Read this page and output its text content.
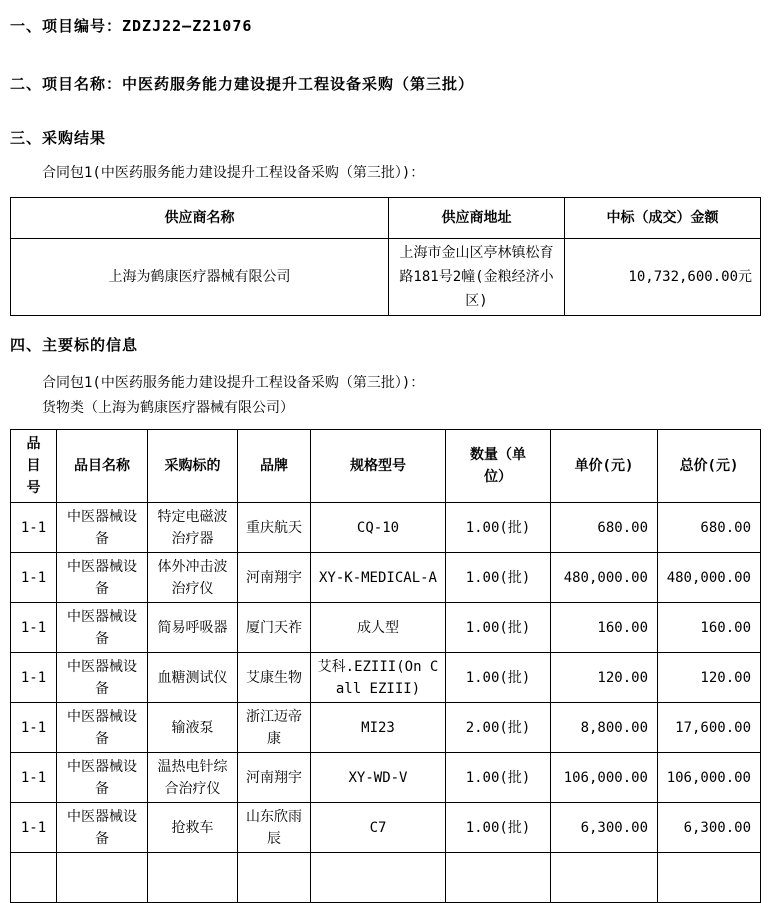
一、项目编号：ZDZJ22—Z21076
二、项目名称：中医药服务能力建设提升工程设备采购（第三批）
三、采购结果
合同包1(中医药服务能力建设提升工程设备采购（第三批）)：
供应商名称	供应商地址	中标（成交）金额
上海为鹤康医疗器械有限公司	上海市金山区亭林镇松育路181号2幢(金粮经济小区)	10,732,600.00元
四、主要标的信息
合同包1(中医药服务能力建设提升工程设备采购（第三批）)：
货物类（上海为鹤康医疗器械有限公司）
品目号	品目名称	采购标的	品牌	规格型号	数量（单位）	单价(元)	总价(元)
1-1	中医器械设备	特定电磁波治疗器	重庆航天	CQ-10	1.00(批)	680.00	680.00
1-1	中医器械设备	体外冲击波治疗仪	河南翔宇	XY-K-MEDICAL-A	1.00(批)	480,000.00	480,000.00
1-1	中医器械设备	简易呼吸器	厦门天祚	成人型	1.00(批)	160.00	160.00
1-1	中医器械设备	血糖测试仪	艾康生物	艾科.EZIII(On Call EZIII)	1.00(批)	120.00	120.00
1-1	中医器械设备	输液泵	浙江迈帝康	MI23	2.00(批)	8,800.00	17,600.00
1-1	中医器械设备	温热电针综合治疗仪	河南翔宇	XY-WD-V	1.00(批)	106,000.00	106,000.00
1-1	中医器械设备	抢救车	山东欣雨辰	C7	1.00(批)	6,300.00	6,300.00
